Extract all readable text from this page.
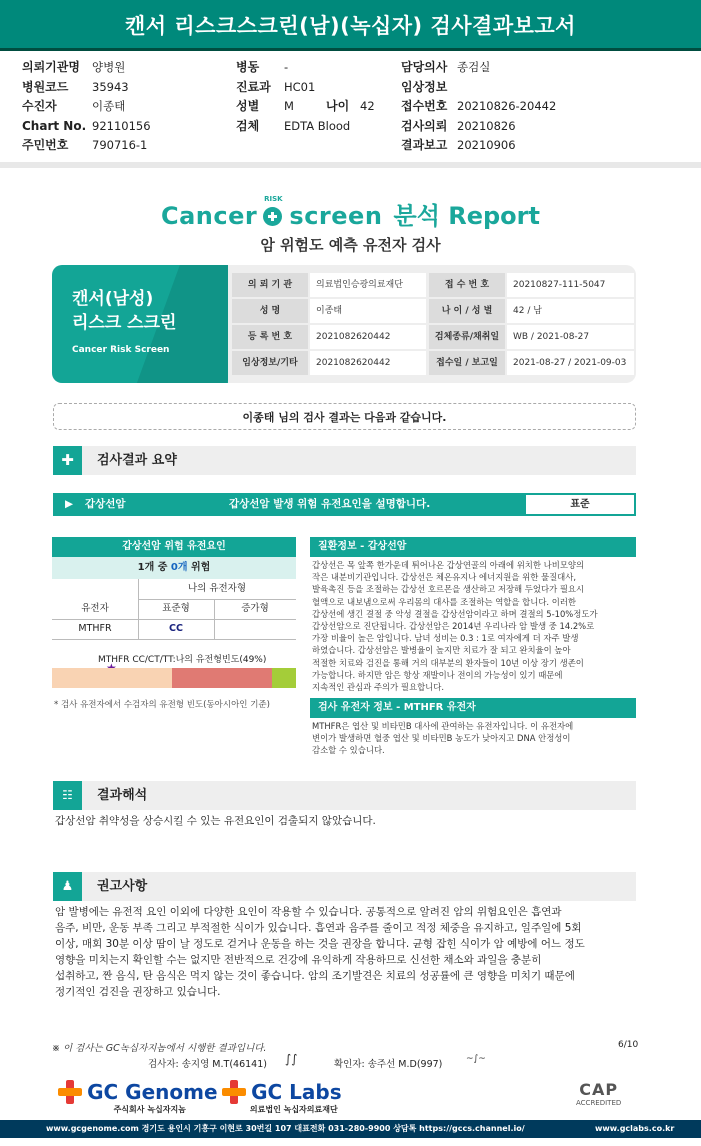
캔서 리스크스크린(남)(녹십자) 검사결과보고서
의뢰기관명 양병원
병원코드 35943
수진자	이종태
Chart No. 92110156
주민번호 790716-1
병동 -
진료과 HC01
성별 M	나이 42
검체 EDTA Blood
담당의사 종검실
임상정보
접수번호 20210826-20442
검사의뢰 20210826
결과보고 20210906
Cancer
RISK
screen 분석 Report
암 위험도 예측 유전자 검사
캔서(남성)
리스크 스크린
Cancer Risk Screen
의 뢰 기 관	의료법인승광의료재단	접 수 번 호	20210827-111-5047
성 명	이종태	나 이 / 성 별	42 / 남
등 록 번 호	2021082620442	검체종류/채취일	WB / 2021-08-27
임상정보/기타	2021082620442	접수일 / 보고일	2021-08-27 / 2021-09-03
이종태 님의 검사 결과는 다음과 같습니다.
✚	검사결과 요약
▶ 갑상선암	갑상선암 발생 위험 유전요인을 설명합니다.	표준
갑상선암 위험 유전요인
1개 중 0개 위험
나의 유전자형
유전자	표준형	증가형
MTHFR	CC
MTHFR CC/CT/TT:나의 유전형빈도(49%)
* 검사 유전자에서 수검자의 유전형 빈도(동아시아인 기준)
질환정보 - 갑상선암
갑상선은 목 앞쪽 한가운데 튀어나온 갑상연골의 아래에 위치한 나비모양의
작은 내분비기관입니다. 갑상선은 체온유지나 에너지원을 위한 물질대사,
발육촉진 등을 조절하는 갑상선 호르몬을 생산하고 저장해 두었다가 필요시
혈액으로 내보냄으로써 우리몸의 대사를 조절하는 역할을 합니다. 이러한
갑상선에 생긴 결절 중 악성 결절을 갑상선암이라고 하며 결절의 5-10%정도가
갑상선암으로 진단됩니다. 갑상선암은 2014년 우리나라 암 발생 중 14.2%로
가장 비율이 높은 암입니다. 남녀 성비는 0.3 : 1로 여자에게 더 자주 발생
하였습니다. 갑상선암은 발병율이 높지만 치료가 잘 되고 완치율이 높아
적절한 치료와 검진을 통해 거의 대부분의 환자들이 10년 이상 장기 생존이
가능합니다. 하지만 암은 항상 재발이나 전이의 가능성이 있기 때문에
지속적인 관심과 주의가 필요합니다.
검사 유전자 정보 - MTHFR 유전자
MTHFR은 엽산 및 비타민B 대사에 관여하는 유전자입니다. 이 유전자에
변이가 발생하면 혈중 엽산 및 비타민B 농도가 낮아지고 DNA 안정성이
감소할 수 있습니다.
☷	결과해석
갑상선암 취약성을 상승시킬 수 있는 유전요인이 검출되지 않았습니다.
♟	권고사항
암 발병에는 유전적 요인 이외에 다양한 요인이 작용할 수 있습니다. 공통적으로 알려진 암의 위험요인은 흡연과
음주, 비만, 운동 부족 그리고 부적절한 식이가 있습니다. 흡연과 음주를 줄이고 적정 체중을 유지하고, 일주일에 5회
이상, 매회 30분 이상 땀이 날 정도로 걷거나 운동을 하는 것을 권장을 합니다. 균형 잡힌 식이가 암 예방에 어느 정도
영향을 미치는지 확인할 수는 없지만 전반적으로 건강에 유익하게 작용하므로 신선한 채소와 과일을 충분히
섭취하고, 짠 음식, 탄 음식은 먹지 않는 것이 좋습니다. 암의 조기발견은 치료의 성공률에 큰 영향을 미치기 때문에
정기적인 검진을 권장하고 있습니다.
※ 이 검사는 GC녹십자지놈에서 시행한 결과입니다.	6/10
검사자: 송지영 M.T(46141) ∫∫	확인자: 송주선 M.D(997)	~∫~
GC Genome
주식회사 녹십자지놈
GC Labs
의료법인 녹십자의료재단
CAP
ACCREDITED
www.gcgenome.com 경기도 용인시 기흥구 이현로 30번길 107 대표전화 031-280-9900 상담톡 https://gccs.channel.io/	www.gclabs.co.kr
